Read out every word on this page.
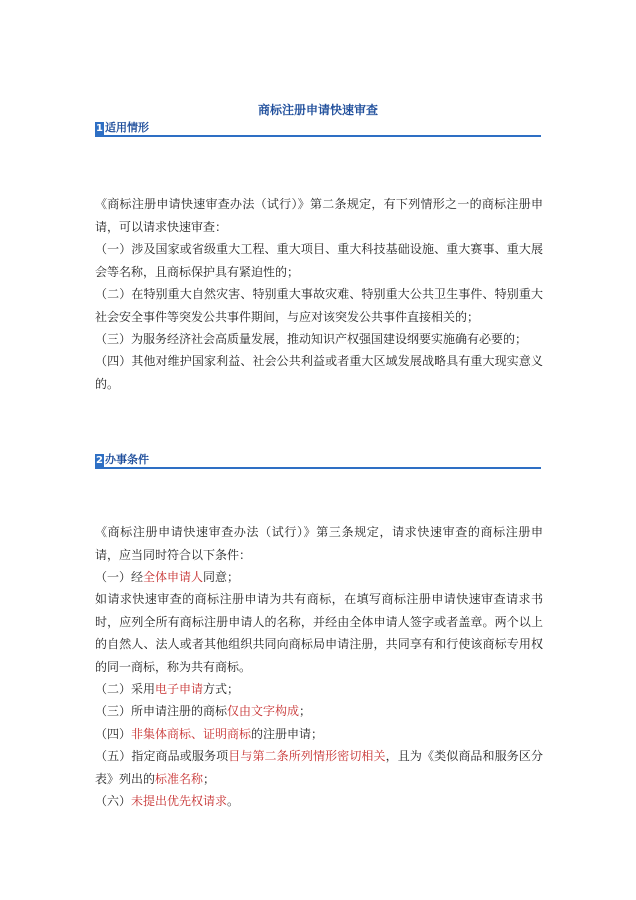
商标注册申请快速审查
1 适用情形

《商标注册申请快速审查办法（试行）》第二条规定，有下列情形之一的商标注册申请，可以请求快速审查：

（一）涉及国家或省级重大工程、重大项目、重大科技基础设施、重大赛事、重大展会等名称，且商标保护具有紧迫性的；

（二）在特别重大自然灾害、特别重大事故灾难、特别重大公共卫生事件、特别重大社会安全事件等突发公共事件期间，与应对该突发公共事件直接相关的；

（三）为服务经济社会高质量发展，推动知识产权强国建设纲要实施确有必要的；

（四）其他对维护国家利益、社会公共利益或者重大区域发展战略具有重大现实意义的。

2 办事条件

《商标注册申请快速审查办法（试行）》第三条规定，请求快速审查的商标注册申请，应当同时符合以下条件：

（一）经全体申请人同意；

如请求快速审查的商标注册申请为共有商标，在填写商标注册申请快速审查请求书时，应列全所有商标注册申请人的名称，并经由全体申请人签字或者盖章。两个以上的自然人、法人或者其他组织共同向商标局申请注册，共同享有和行使该商标专用权的同一商标，称为共有商标。

（二）采用电子申请方式；

（三）所申请注册的商标仅由文字构成；

（四）非集体商标、证明商标的注册申请；

（五）指定商品或服务项目与第二条所列情形密切相关，且为《类似商品和服务区分表》列出的标准名称；

（六）未提出优先权请求。
